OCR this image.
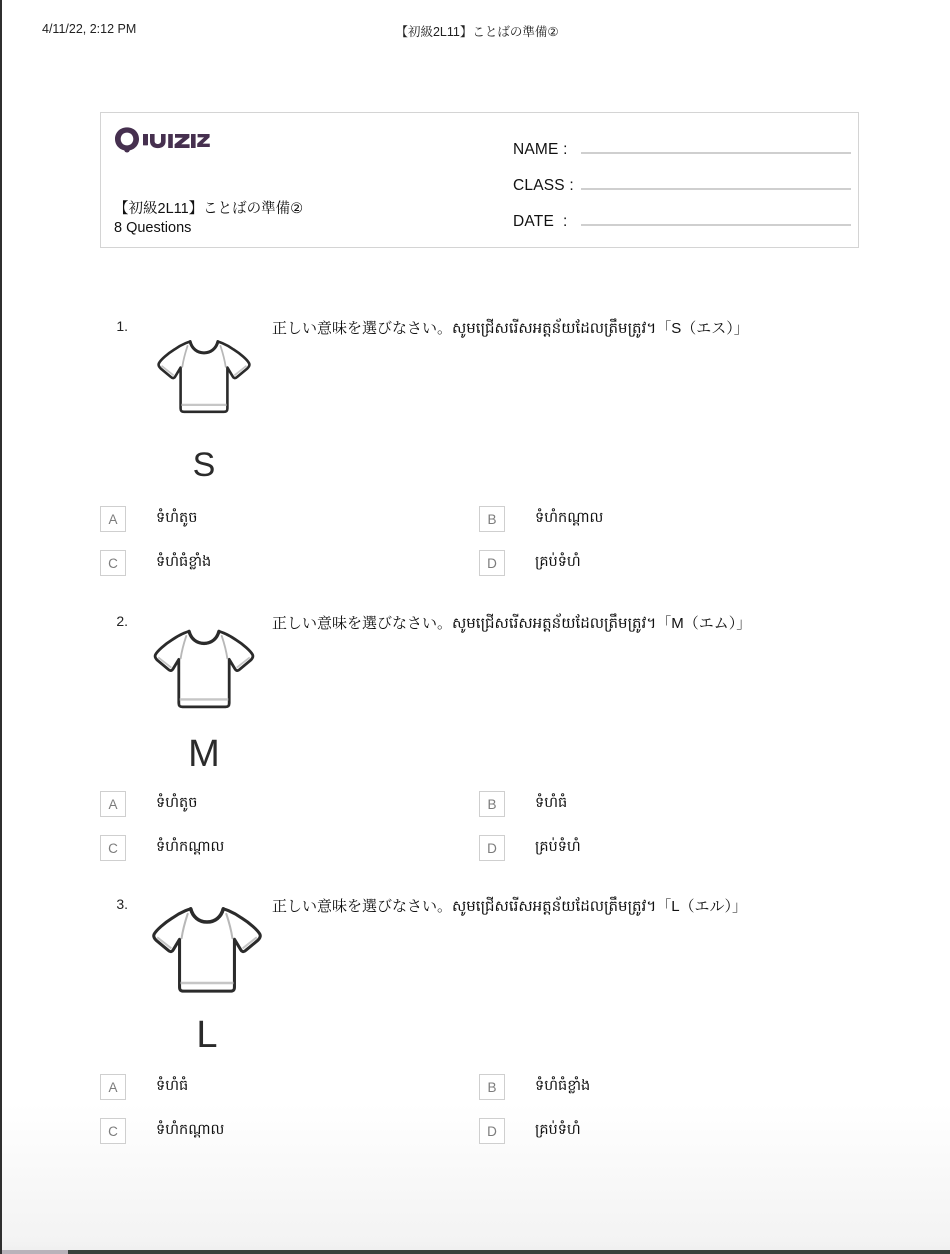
4/11/22, 2:12 PM	【初級2L11】ことばの準備②
【初級2L11】ことばの準備②
8 Questions
NAME :
CLASS :
DATE  :
1.	正しい意味を選びなさい。សូមជ្រើសរើសអត្តន័យដែលត្រឹមត្រូវ។「S（エス）」
S
A	ទំហំតូច	B	ទំហំកណ្ដាល
C	ទំហំធំខ្លាំង	D	គ្រប់ទំហំ
2.	正しい意味を選びなさい。សូមជ្រើសរើសអត្តន័យដែលត្រឹមត្រូវ។「M（エム）」
M
A	ទំហំតូច	B	ទំហំធំ
C	ទំហំកណ្ដាល	D	គ្រប់ទំហំ
3.	正しい意味を選びなさい。សូមជ្រើសរើសអត្តន័យដែលត្រឹមត្រូវ។「L（エル）」
L
A	ទំហំធំ	B	ទំហំធំខ្លាំង
C	ទំហំកណ្ដាល	D	គ្រប់ទំហំ
